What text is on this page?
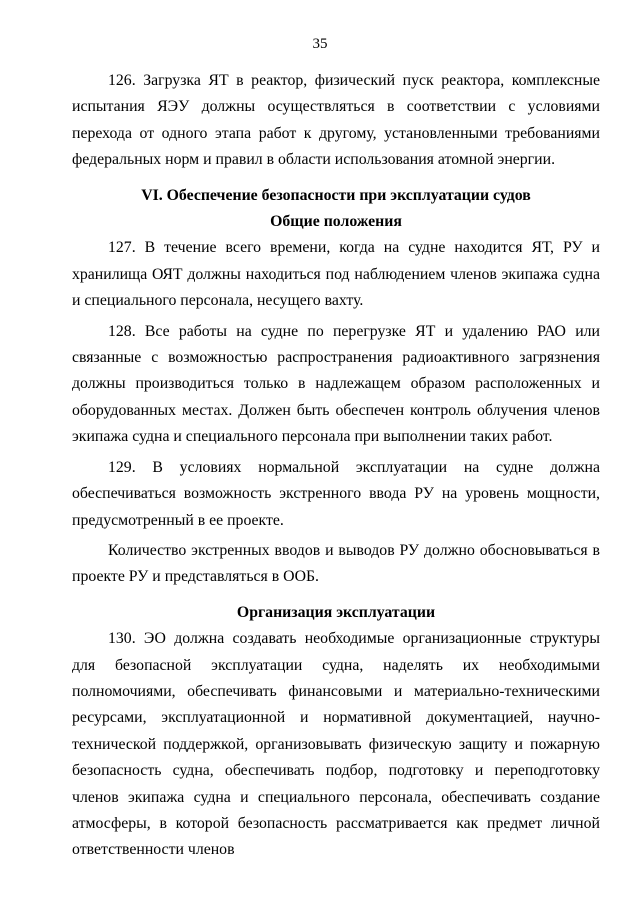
35

126. Загрузка ЯТ в реактор, физический пуск реактора, комплексные испытания ЯЭУ должны осуществляться в соответствии с условиями перехода от одного этапа работ к другому, установленными требованиями федеральных норм и правил в области использования атомной энергии.

VI. Обеспечение безопасности при эксплуатации судов
Общие положения

127. В течение всего времени, когда на судне находится ЯТ, РУ и хранилища ОЯТ должны находиться под наблюдением членов экипажа судна и специального персонала, несущего вахту.

128. Все работы на судне по перегрузке ЯТ и удалению РАО или связанные с возможностью распространения радиоактивного загрязнения должны производиться только в надлежащем образом расположенных и оборудованных местах. Должен быть обеспечен контроль облучения членов экипажа судна и специального персонала при выполнении таких работ.

129. В условиях нормальной эксплуатации на судне должна обеспечиваться возможность экстренного ввода РУ на уровень мощности, предусмотренный в ее проекте.

Количество экстренных вводов и выводов РУ должно обосновываться в проекте РУ и представляться в ООБ.

Организация эксплуатации

130. ЭО должна создавать необходимые организационные структуры для безопасной эксплуатации судна, наделять их необходимыми полномочиями, обеспечивать финансовыми и материально-техническими ресурсами, эксплуатационной и нормативной документацией, научно-технической поддержкой, организовывать физическую защиту и пожарную безопасность судна, обеспечивать подбор, подготовку и переподготовку членов экипажа судна и специального персонала, обеспечивать создание атмосферы, в которой безопасность рассматривается как предмет личной ответственности членов
